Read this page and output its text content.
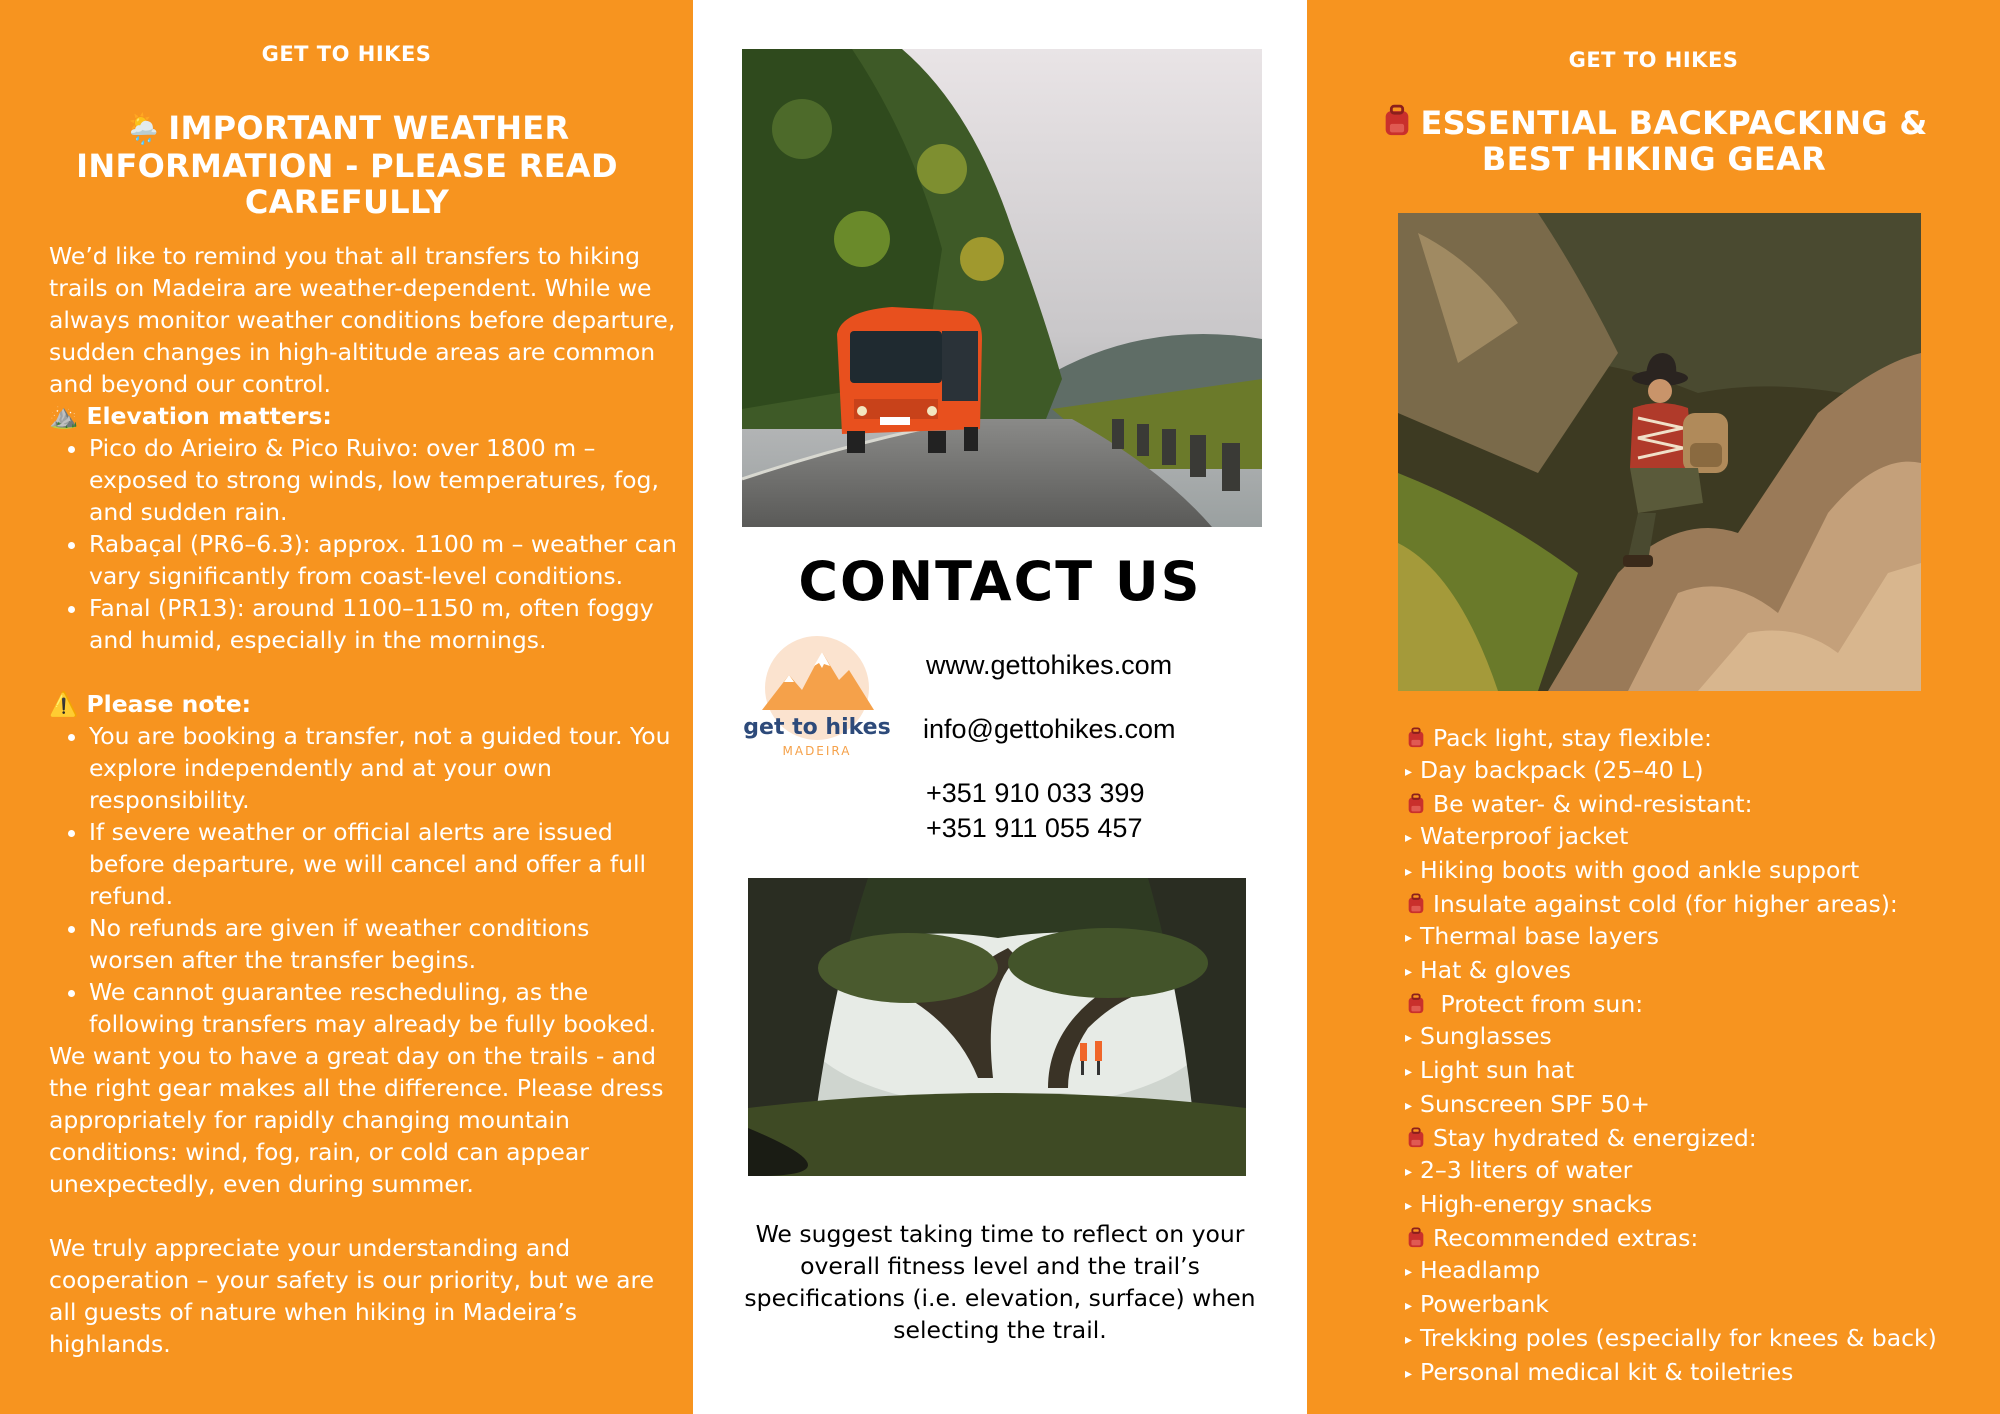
GET TO HIKES
🌦️ IMPORTANT WEATHER INFORMATION - PLEASE READ CAREFULLY

We’d like to remind you that all transfers to hiking trails on Madeira are weather-dependent. While we always monitor weather conditions before departure, sudden changes in high-altitude areas are common and beyond our control.

⛰️ Elevation matters:

• Pico do Arieiro & Pico Ruivo: over 1800 m – exposed to strong winds, low temperatures, fog, and sudden rain.
• Rabaçal (PR6–6.3): approx. 1100 m – weather can vary significantly from coast-level conditions.
• Fanal (PR13): around 1100–1150 m, often foggy and humid, especially in the mornings.

⚠️ Please note:

• You are booking a transfer, not a guided tour. You explore independently and at your own responsibility.
• If severe weather or official alerts are issued before departure, we will cancel and offer a full refund.
• No refunds are given if weather conditions worsen after the transfer begins.
• We cannot guarantee rescheduling, as the following transfers may already be fully booked.

We want you to have a great day on the trails - and the right gear makes all the difference. Please dress appropriately for rapidly changing mountain conditions: wind, fog, rain, or cold can appear unexpectedly, even during summer.

We truly appreciate your understanding and cooperation – your safety is our priority, but we are all guests of nature when hiking in Madeira’s highlands.

CONTACT US
get to hikes
MADEIRA
www.gettohikes.com
info@gettohikes.com
+351 910 033 399
+351 911 055 457
We suggest taking time to reflect on your overall fitness level and the trail’s specifications (i.e. elevation, surface) when selecting the trail.
GET TO HIKES
ESSENTIAL BACKPACKING & BEST HIKING GEAR
Pack light, stay flexible:
▸ Day backpack (25–40 L)
Be water- & wind-resistant:
▸ Waterproof jacket
▸ Hiking boots with good ankle support
Insulate against cold (for higher areas):
▸ Thermal base layers
▸ Hat & gloves
Protect from sun:
▸ Sunglasses
▸ Light sun hat
▸ Sunscreen SPF 50+
Stay hydrated & energized:
▸ 2–3 liters of water
▸ High-energy snacks
Recommended extras:
▸ Headlamp
▸ Powerbank
▸ Trekking poles (especially for knees & back)
▸ Personal medical kit & toiletries
